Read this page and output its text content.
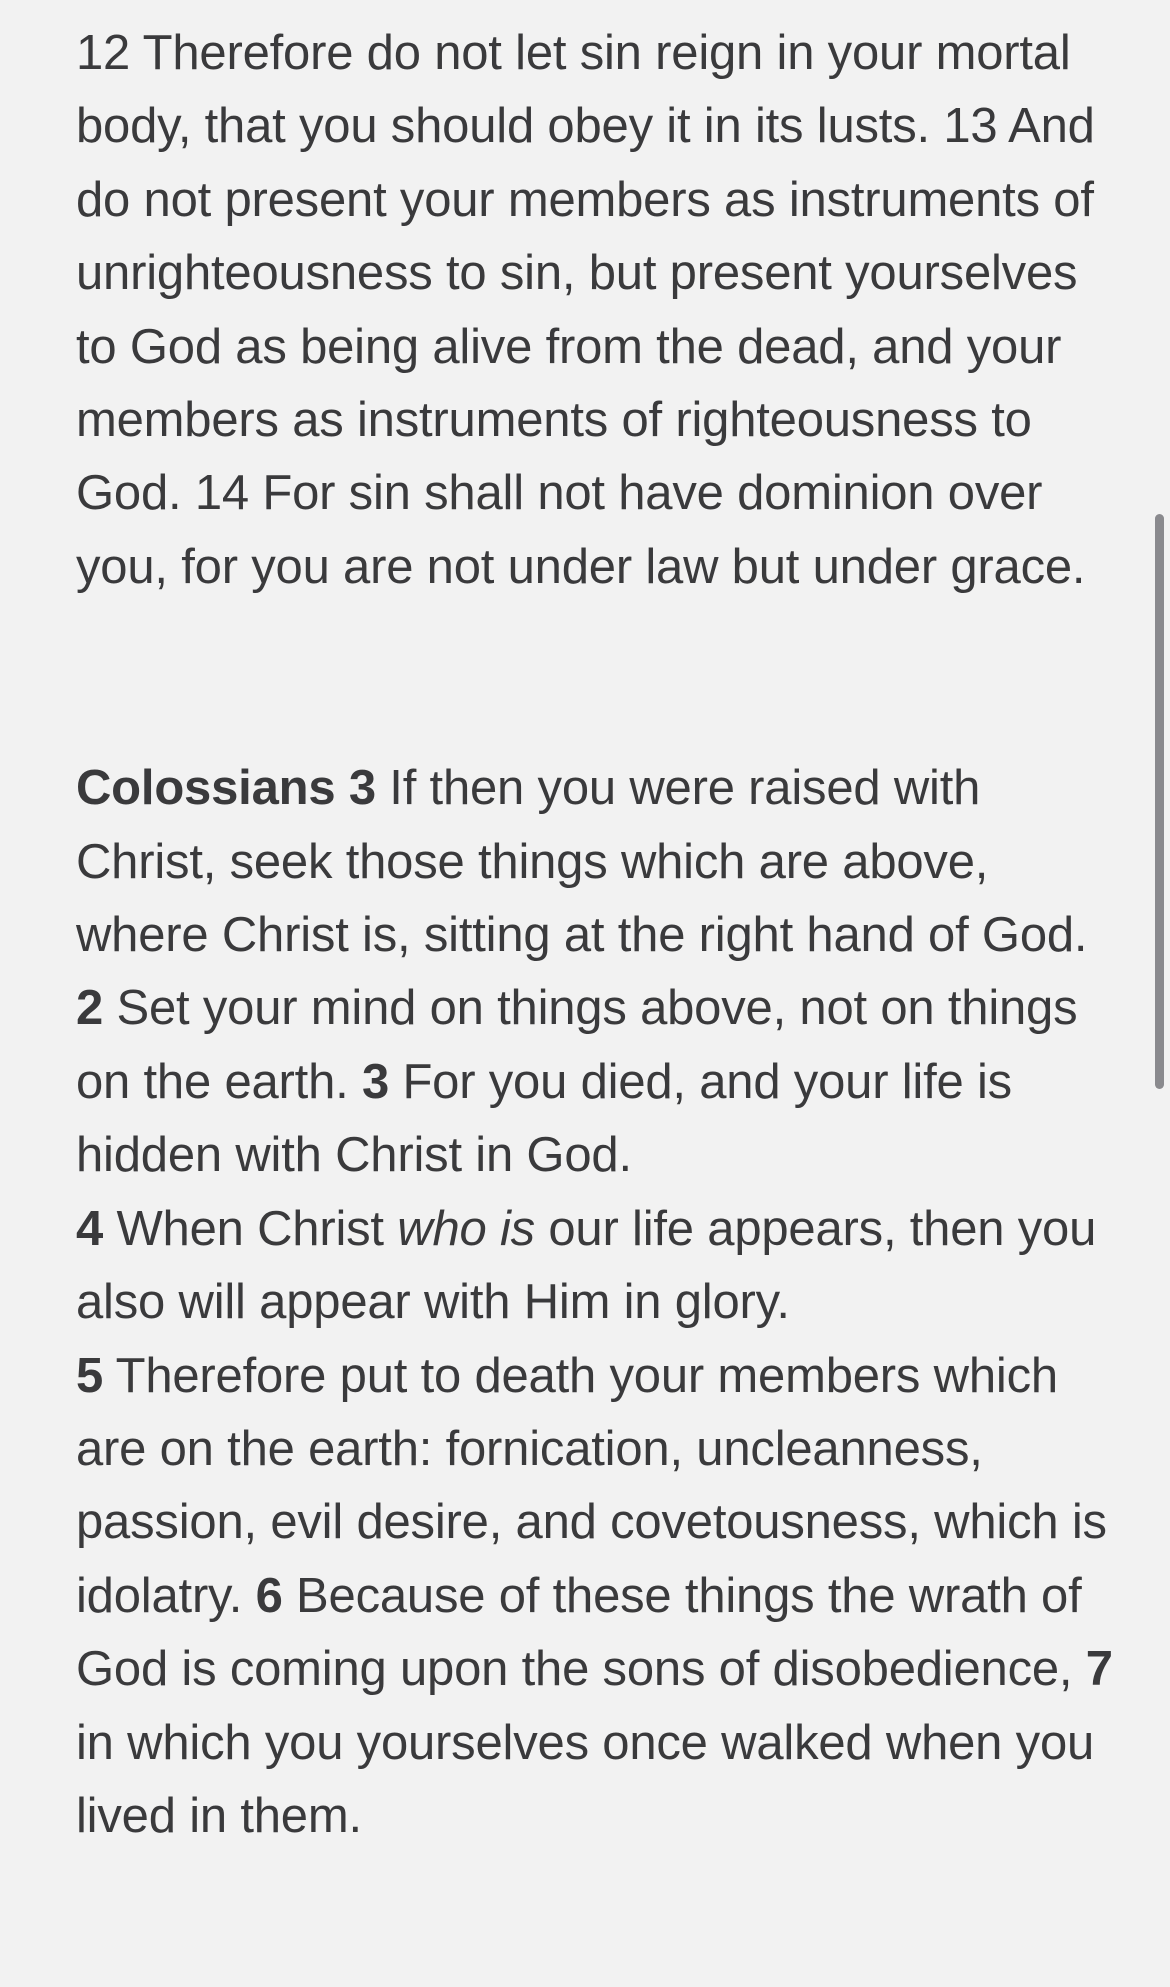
12 Therefore do not let sin reign in your mortal body, that you should obey it in its lusts. 13 And do not present your members as instruments of unrighteousness to sin, but present yourselves to God as being alive from the dead, and your members as instruments of righteousness to God. 14 For sin shall not have dominion over you, for you are not under law but under grace.

Colossians 3 If then you were raised with Christ, seek those things which are above, where Christ is, sitting at the right hand of God. 2 Set your mind on things above, not on things on the earth. 3 For you died, and your life is hidden with Christ in God.

4 When Christ who is our life appears, then you also will appear with Him in glory.

5 Therefore put to death your members which are on the earth: fornication, uncleanness, passion, evil desire, and covetousness, which is idolatry. 6 Because of these things the wrath of God is coming upon the sons of disobedience, 7 in which you yourselves once walked when you lived in them.
